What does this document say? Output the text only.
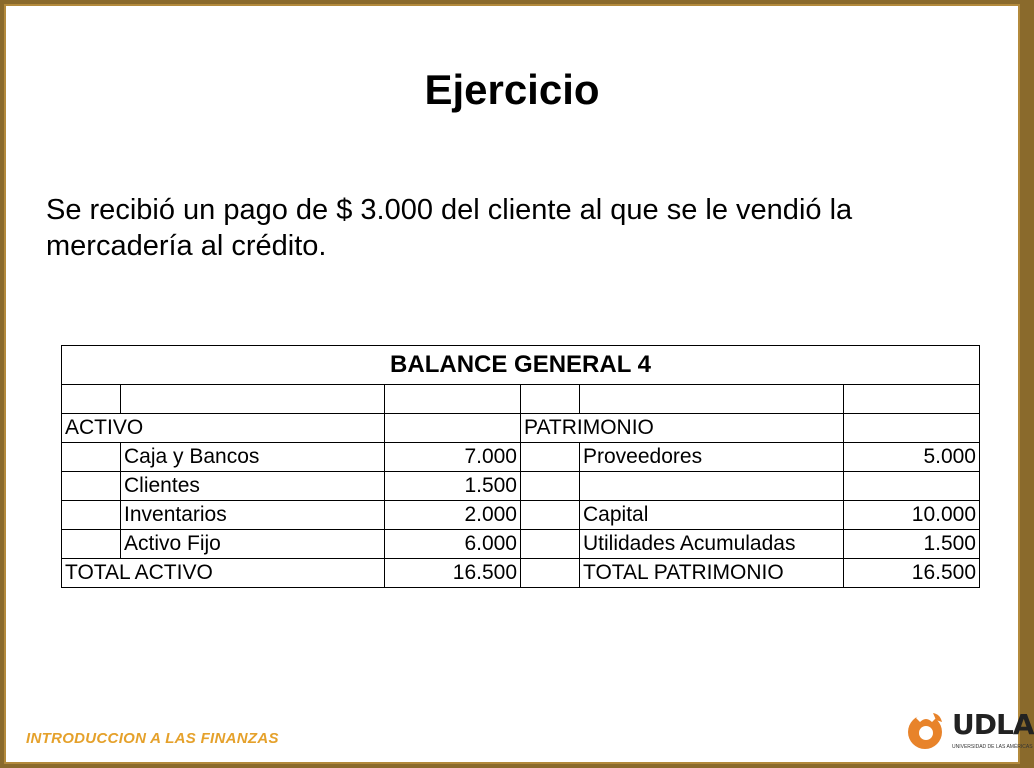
Ejercicio
Se recibió un pago de $ 3.000 del cliente al que se le vendió la mercadería al crédito.
BALANCE GENERAL 4					

ACTIVO			PATRIMONIO		
	Caja y Bancos	7.000		Proveedores	5.000
	Clientes	1.500			
	Inventarios	2.000		Capital	10.000
	Activo Fijo	6.000		Utilidades Acumuladas	1.500
TOTAL ACTIVO		16.500		TOTAL PATRIMONIO	16.500
INTRODUCCION A LAS FINANZAS	UDLA
UNIVERSIDAD DE LAS AMÉRICAS
